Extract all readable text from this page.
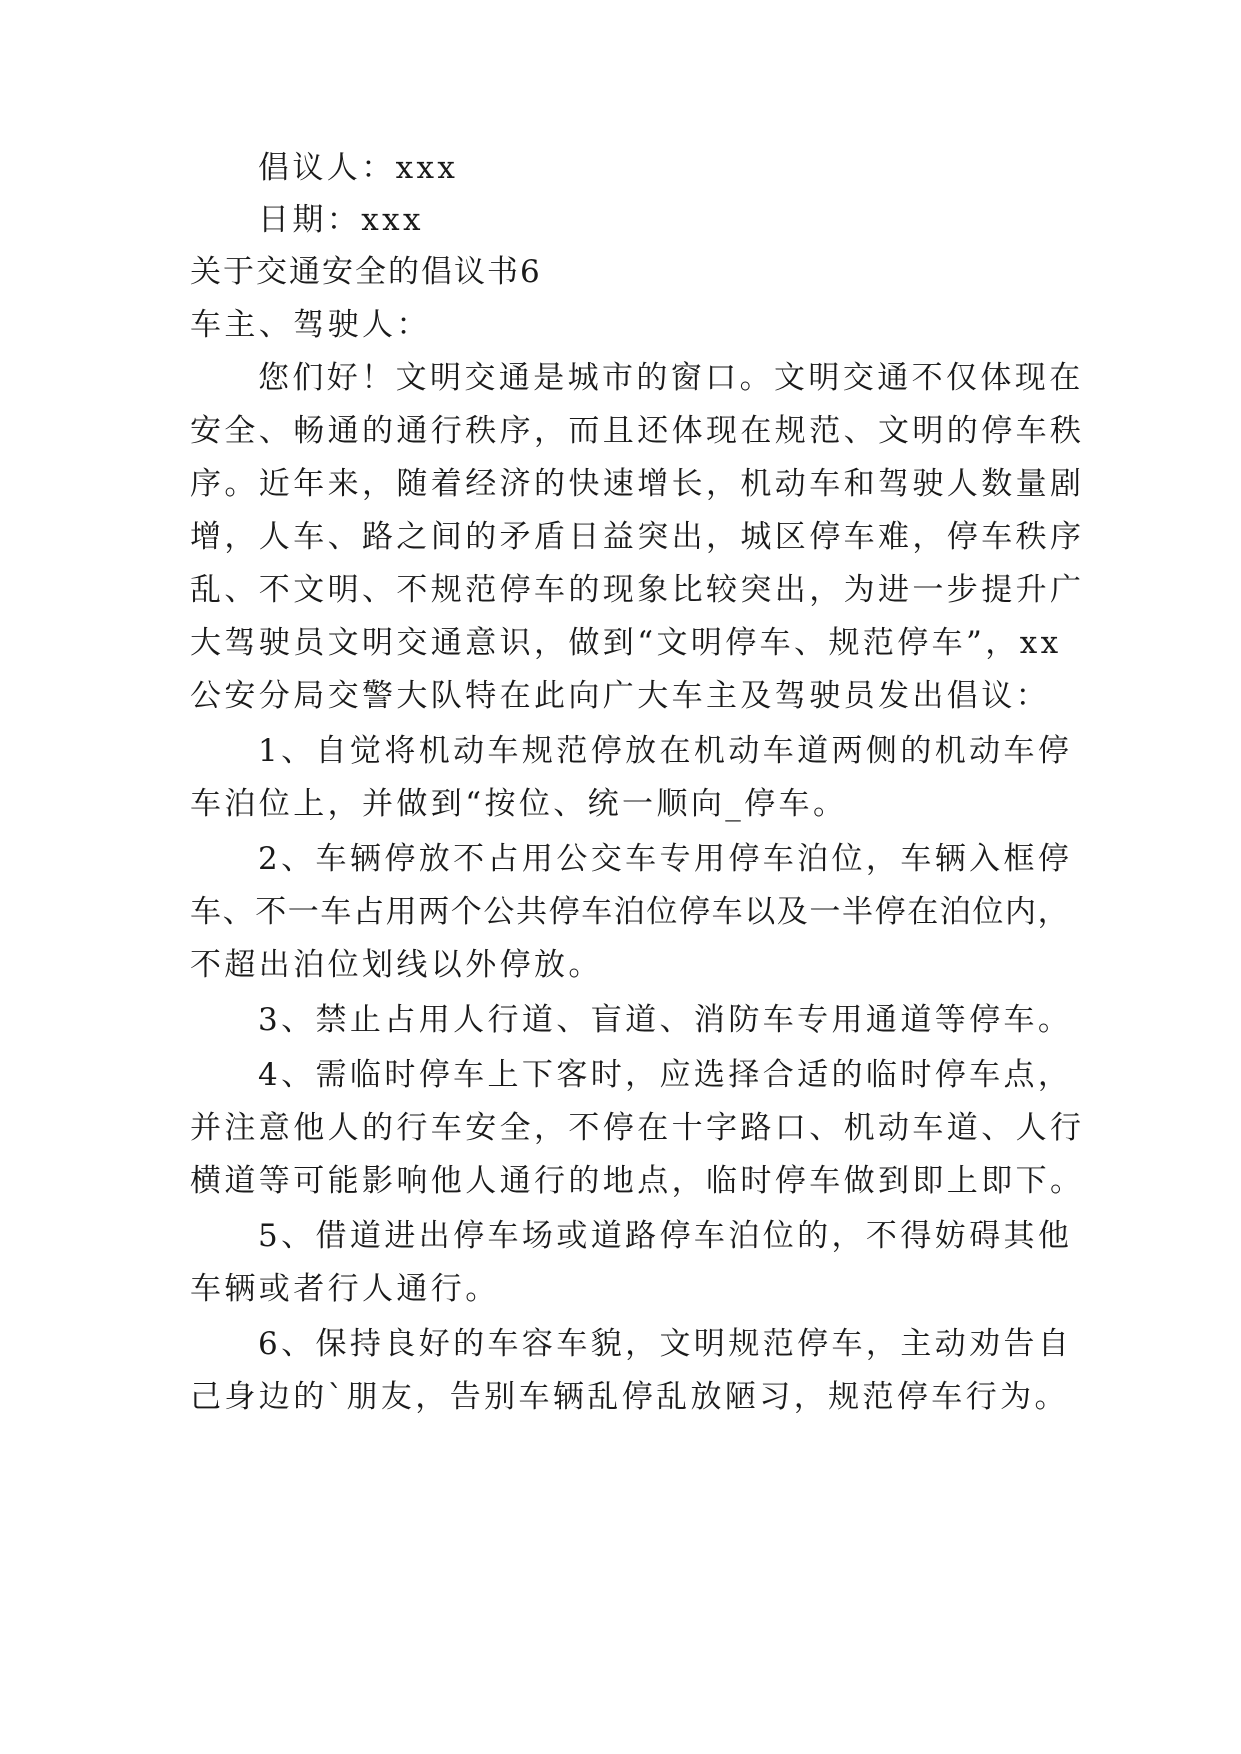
倡议人：xxx
日期：xxx
关于交通安全的倡议书6
车主、驾驶人：
您们好！文明交通是城市的窗口。文明交通不仅体现在
安全、畅通的通行秩序，而且还体现在规范、文明的停车秩
序。近年来，随着经济的快速增长，机动车和驾驶人数量剧
增，人车、路之间的矛盾日益突出，城区停车难，停车秩序
乱、不文明、不规范停车的现象比较突出，为进一步提升广
大驾驶员文明交通意识，做到“文明停车、规范停车”，xx
公安分局交警大队特在此向广大车主及驾驶员发出倡议：
1、自觉将机动车规范停放在机动车道两侧的机动车停
车泊位上，并做到“按位、统一顺向_停车。
2、车辆停放不占用公交车专用停车泊位，车辆入框停
车、不一车占用两个公共停车泊位停车以及一半停在泊位内，
不超出泊位划线以外停放。
3、禁止占用人行道、盲道、消防车专用通道等停车。
4、需临时停车上下客时，应选择合适的临时停车点，
并注意他人的行车安全，不停在十字路口、机动车道、人行
横道等可能影响他人通行的地点，临时停车做到即上即下。
5、借道进出停车场或道路停车泊位的，不得妨碍其他
车辆或者行人通行。
6、保持良好的车容车貌，文明规范停车，主动劝告自
己身边的`朋友，告别车辆乱停乱放陋习，规范停车行为。
